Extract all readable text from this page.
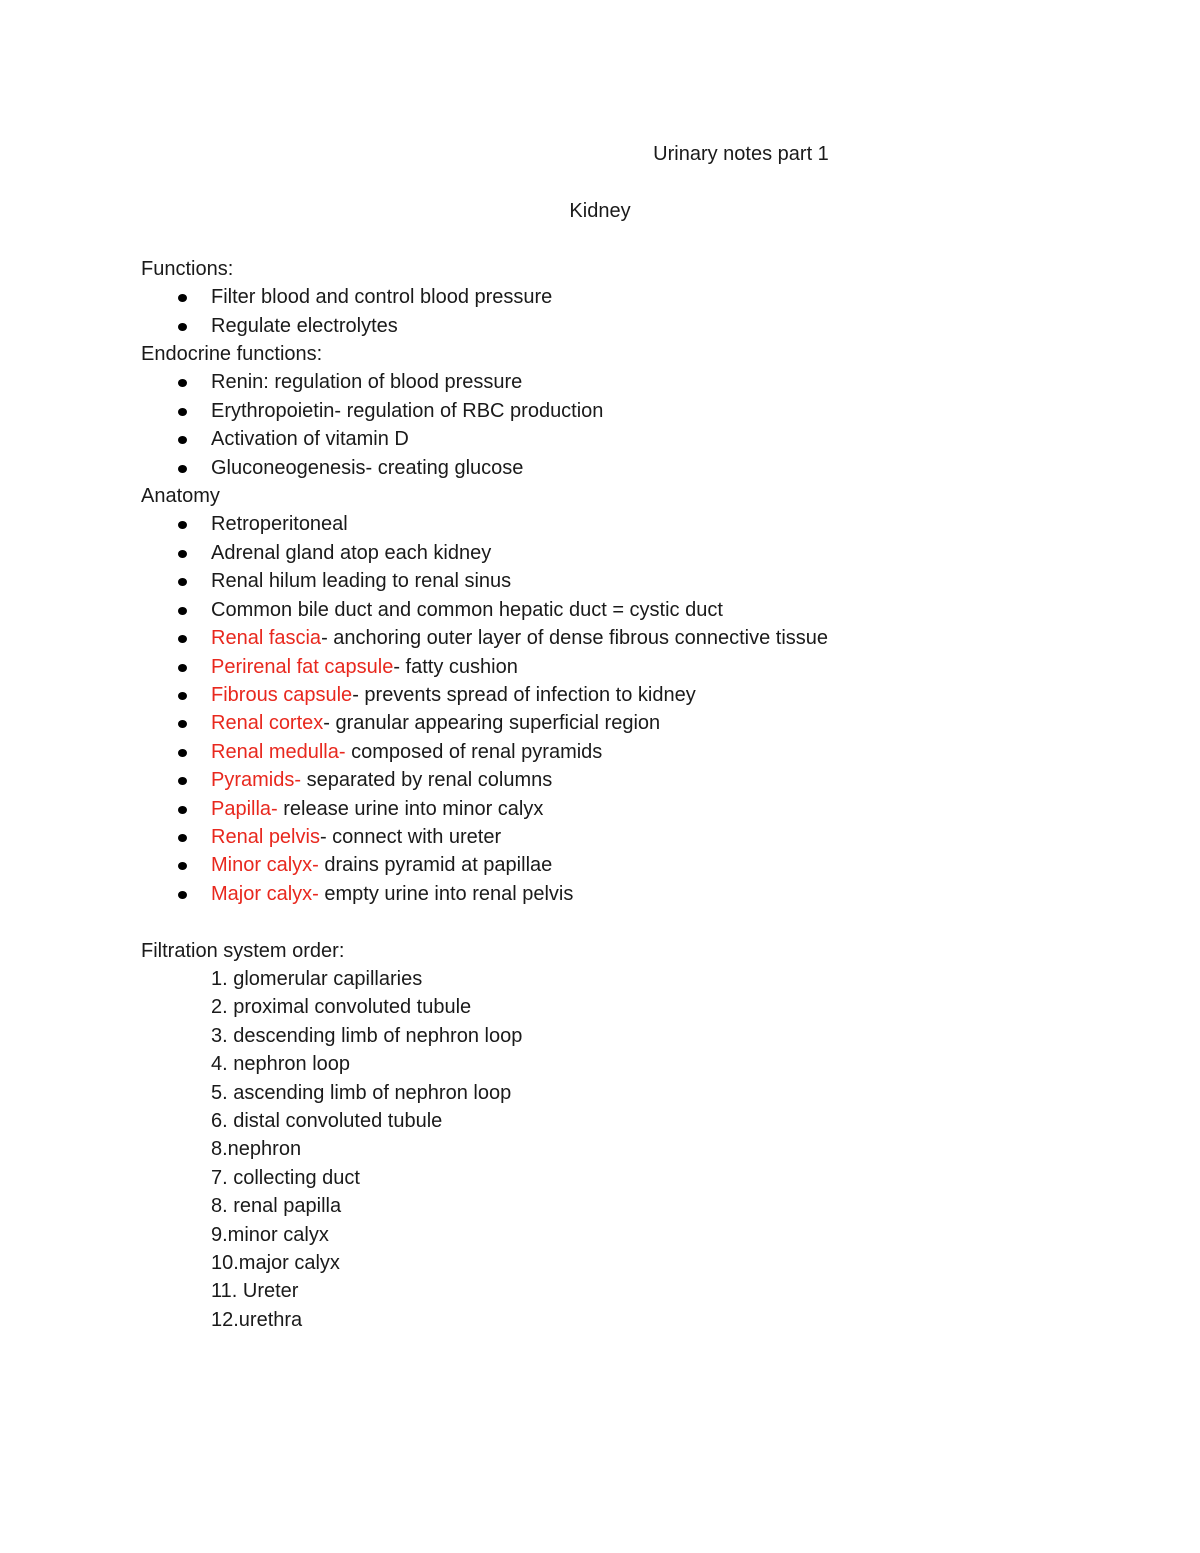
Urinary notes part 1
Kidney
Functions:
Filter blood and control blood pressure
Regulate electrolytes
Endocrine functions:
Renin: regulation of blood pressure
Erythropoietin- regulation of RBC production
Activation of vitamin D
Gluconeogenesis- creating glucose
Anatomy
Retroperitoneal
Adrenal gland atop each kidney
Renal hilum leading to renal sinus
Common bile duct and common hepatic duct = cystic duct
Renal fascia- anchoring outer layer of dense fibrous connective tissue
Perirenal fat capsule- fatty cushion
Fibrous capsule- prevents spread of infection to kidney
Renal cortex- granular appearing superficial region
Renal medulla- composed of renal pyramids
Pyramids- separated by renal columns
Papilla- release urine into minor calyx
Renal pelvis- connect with ureter
Minor calyx- drains pyramid at papillae
Major calyx- empty urine into renal pelvis
Filtration system order:
1. glomerular capillaries
2. proximal convoluted tubule
3. descending limb of nephron loop
4. nephron loop
5. ascending limb of nephron loop
6. distal convoluted tubule
8.nephron
7. collecting duct
8. renal papilla
9.minor calyx
10.major calyx
11. Ureter
12.urethra
